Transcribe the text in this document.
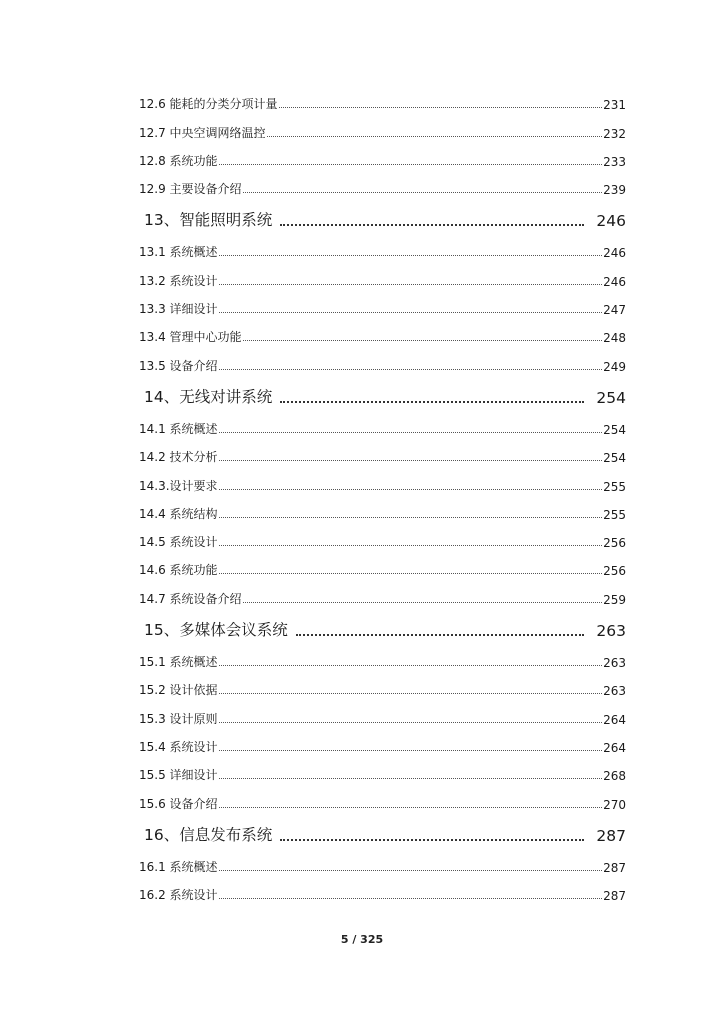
12.6 能耗的分类分项计量	231
12.7 中央空调网络温控	232
12.8 系统功能	233
12.9 主要设备介绍	239
13、智能照明系统	246
13.1 系统概述	246
13.2 系统设计	246
13.3 详细设计	247
13.4 管理中心功能	248
13.5 设备介绍	249
14、无线对讲系统	254
14.1 系统概述	254
14.2 技术分析	254
14.3.设计要求	255
14.4 系统结构	255
14.5 系统设计	256
14.6 系统功能	256
14.7 系统设备介绍	259
15、多媒体会议系统	263
15.1 系统概述	263
15.2 设计依据	263
15.3 设计原则	264
15.4 系统设计	264
15.5 详细设计	268
15.6 设备介绍	270
16、信息发布系统	287
16.1 系统概述	287
16.2 系统设计	287
5 / 325
